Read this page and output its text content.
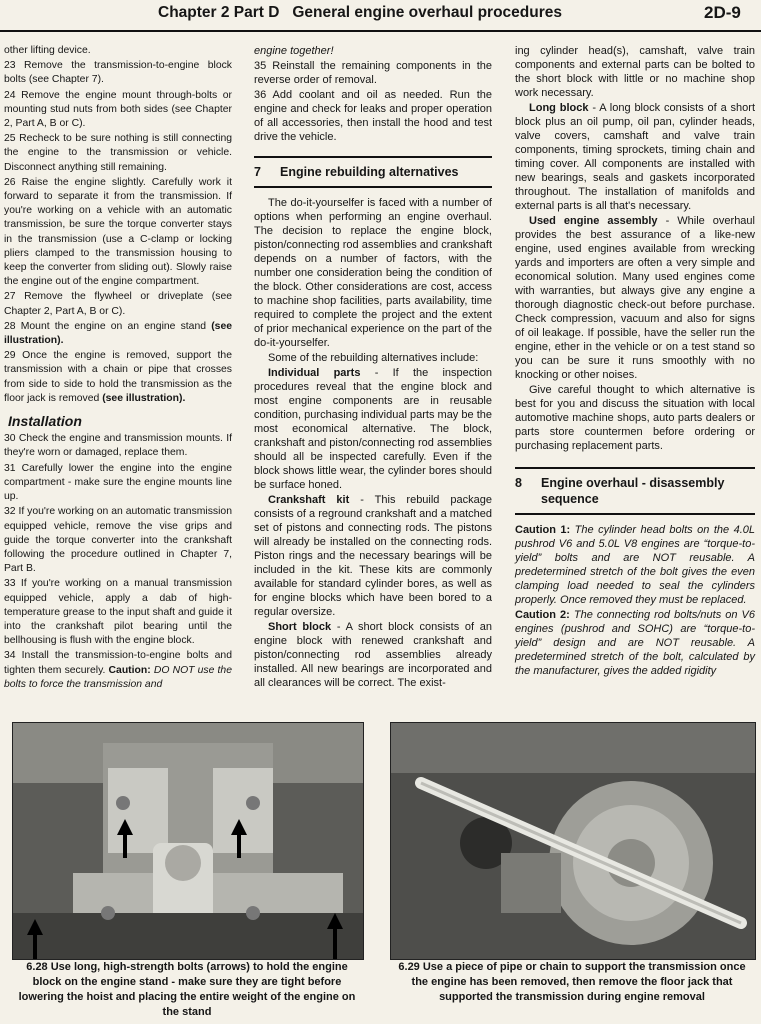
Chapter 2 Part D General engine overhaul procedures	2D-9

other lifting device.

23 Remove the transmission-to-engine block bolts (see Chapter 7).

24 Remove the engine mount through-bolts or mounting stud nuts from both sides (see Chapter 2, Part A, B or C).

25 Recheck to be sure nothing is still connecting the engine to the transmission or vehicle. Disconnect anything still remaining.

26 Raise the engine slightly. Carefully work it forward to separate it from the transmission. If you're working on a vehicle with an automatic transmission, be sure the torque converter stays in the transmission (use a C-clamp or locking pliers clamped to the transmission housing to keep the converter from sliding out). Slowly raise the engine out of the engine compartment.

27 Remove the flywheel or driveplate (see Chapter 2, Part A, B or C).

28 Mount the engine on an engine stand (see illustration).

29 Once the engine is removed, support the transmission with a chain or pipe that crosses from side to side to hold the transmission as the floor jack is removed (see illustration).

Installation

30 Check the engine and transmission mounts. If they're worn or damaged, replace them.

31 Carefully lower the engine into the engine compartment - make sure the engine mounts line up.

32 If you're working on an automatic transmission equipped vehicle, remove the vise grips and guide the torque converter into the crankshaft following the procedure outlined in Chapter 7, Part B.

33 If you're working on a manual transmission equipped vehicle, apply a dab of high-temperature grease to the input shaft and guide it into the crankshaft pilot bearing until the bellhousing is flush with the engine block.

34 Install the transmission-to-engine bolts and tighten them securely. Caution: DO NOT use the bolts to force the transmission and

engine together!

35 Reinstall the remaining components in the reverse order of removal.

36 Add coolant and oil as needed. Run the engine and check for leaks and proper operation of all accessories, then install the hood and test drive the vehicle.

7	Engine rebuilding alternatives

The do-it-yourselfer is faced with a number of options when performing an engine overhaul. The decision to replace the engine block, piston/connecting rod assemblies and crankshaft depends on a number of factors, with the number one consideration being the condition of the block. Other considerations are cost, access to machine shop facilities, parts availability, time required to complete the project and the extent of prior mechanical experience on the part of the do-it-yourselfer.

Some of the rebuilding alternatives include:

Individual parts - If the inspection procedures reveal that the engine block and most engine components are in reusable condition, purchasing individual parts may be the most economical alternative. The block, crankshaft and piston/connecting rod assemblies should all be inspected carefully. Even if the block shows little wear, the cylinder bores should be surface honed.

Crankshaft kit - This rebuild package consists of a reground crankshaft and a matched set of pistons and connecting rods. The pistons will already be installed on the connecting rods. Piston rings and the necessary bearings will be included in the kit. These kits are commonly available for standard cylinder bores, as well as for engine blocks which have been bored to a regular oversize.

Short block - A short block consists of an engine block with renewed crankshaft and piston/connecting rod assemblies already installed. All new bearings are incorporated and all clearances will be correct. The exist-

ing cylinder head(s), camshaft, valve train components and external parts can be bolted to the short block with little or no machine shop work necessary.

Long block - A long block consists of a short block plus an oil pump, oil pan, cylinder heads, valve covers, camshaft and valve train components, timing sprockets, timing chain and timing cover. All components are installed with new bearings, seals and gaskets incorporated throughout. The installation of manifolds and external parts is all that's necessary.

Used engine assembly - While overhaul provides the best assurance of a like-new engine, used engines available from wrecking yards and importers are often a very simple and economical solution. Many used engines come with warranties, but always give any engine a thorough diagnostic check-out before purchase. Check compression, vacuum and also for signs of oil leakage. If possible, have the seller run the engine, ether in the vehicle or on a test stand so you can be sure it runs smoothly with no knocking or other noises.

Give careful thought to which alternative is best for you and discuss the situation with local automotive machine shops, auto parts dealers or parts store countermen before ordering or purchasing replacement parts.

8	Engine overhaul - disassembly sequence

Caution 1: The cylinder head bolts on the 4.0L pushrod V6 and 5.0L V8 engines are “torque-to-yield” bolts and are NOT reusable. A predetermined stretch of the bolt gives the even clamping load needed to seal the cylinders properly. Once removed they must be replaced.

Caution 2: The connecting rod bolts/nuts on V6 engines (pushrod and SOHC) are “torque-to-yield” design and are NOT reusable. A predetermined stretch of the bolt, calculated by the manufacturer, gives the added rigidity

6.28 Use long, high-strength bolts (arrows) to hold the engine block on the engine stand - make sure they are tight before lowering the hoist and placing the entire weight of the engine on the stand
6.29 Use a piece of pipe or chain to support the transmission once the engine has been removed, then remove the floor jack that supported the transmission during engine removal
